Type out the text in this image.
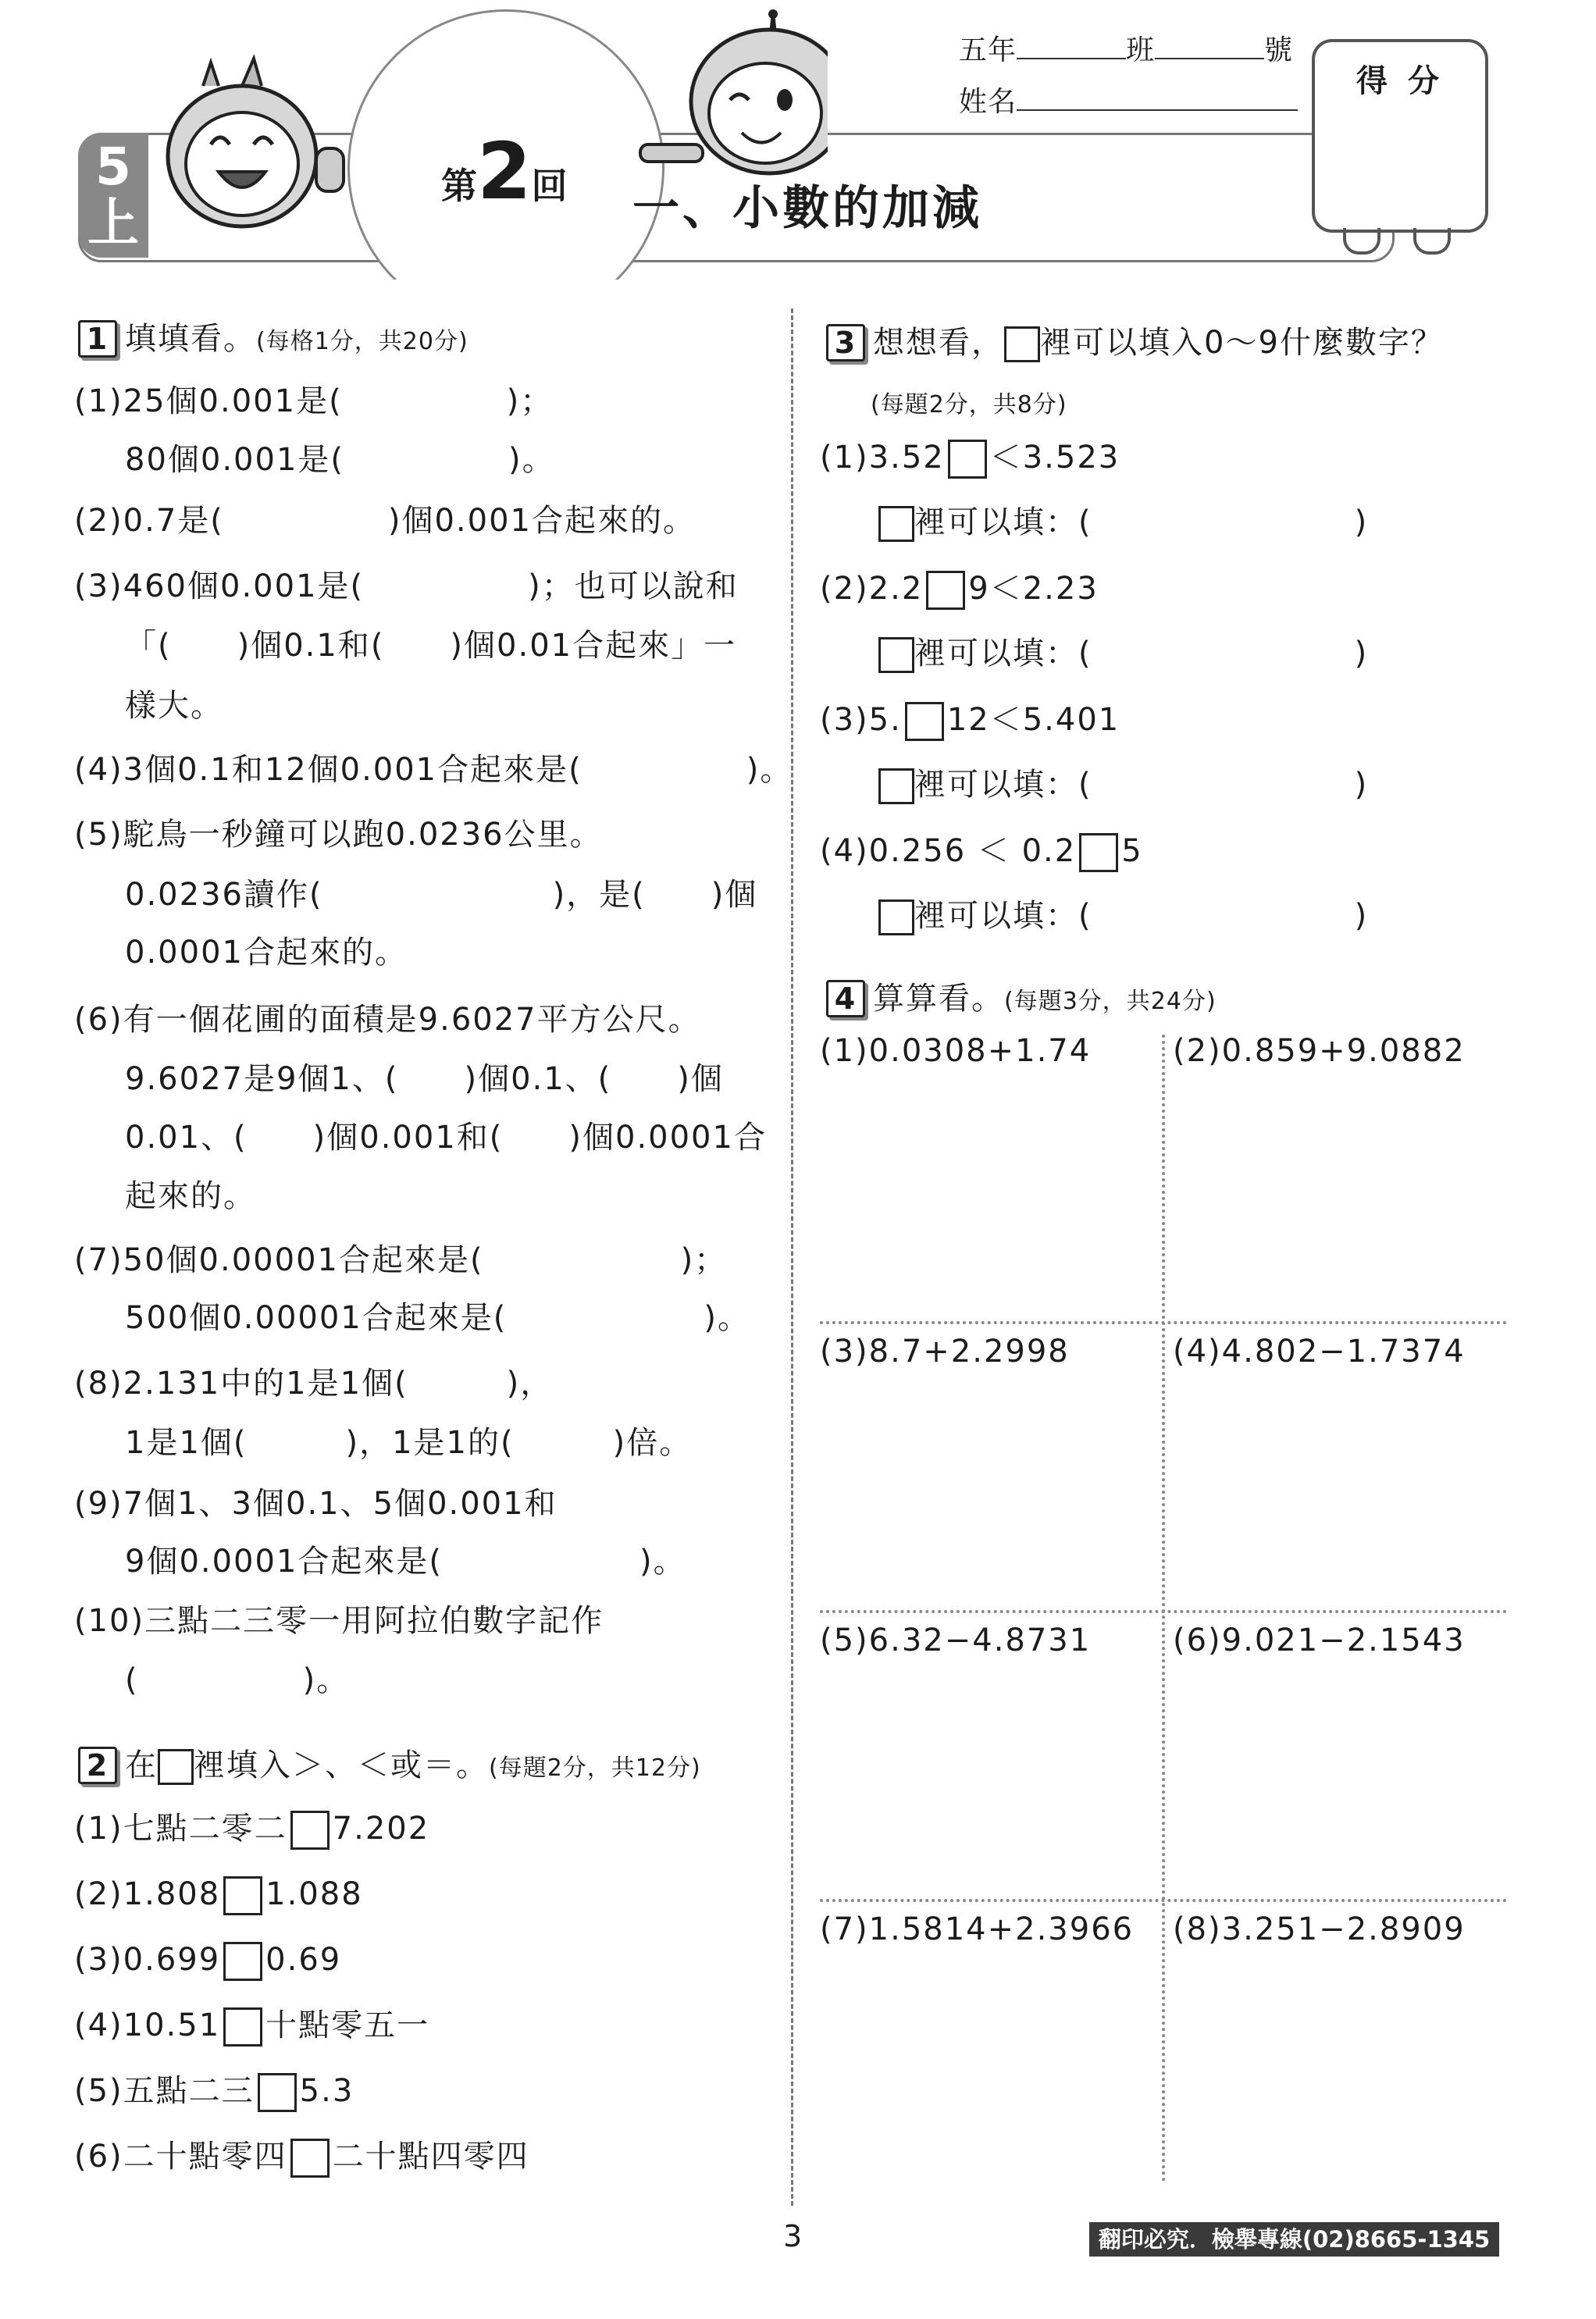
5
上
第2回 一、小數的加減
五年	班	號
姓名
得 分
1 填填看。(每格1分，共20分)
(1)25個0.001是(　　　　　)；
80個0.001是(　　　　　)。
(2)0.7是(　　　　　)個0.001合起來的。
(3)460個0.001是(　　　　　)；也可以說和
「(　　)個0.1和(　　)個0.01合起來」一
樣大。
(4)3個0.1和12個0.001合起來是(　　　　　)。
(5)駝鳥一秒鐘可以跑0.0236公里。
0.0236讀作(　　　　　　　)，是(　　)個
0.0001合起來的。
(6)有一個花圃的面積是9.6027平方公尺。
9.6027是9個1、(　　)個0.1、(　　)個
0.01、(　　)個0.001和(　　)個0.0001合
起來的。
(7)50個0.00001合起來是(　　　　　　)；
500個0.00001合起來是(　　　　　　)。
(8)2.131中的1是1個(　　　)，
1是1個(　　　)，1是1的(　　　)倍。
(9)7個1、3個0.1、5個0.001和
9個0.0001合起來是(　　　　　　)。
(10)三點二三零一用阿拉伯數字記作
(　　　　　)。
2 在 裡填入＞、＜或＝。(每題2分，共12分)
(1)七點二零二 7.202
(2)1.808 1.088
(3)0.699 0.69
(4)10.51 十點零五一
(5)五點二三 5.3
(6)二十點零四 二十點四零四
3 想想看， 裡可以填入0～9什麼數字？
(每題2分，共8分)
(1)3.52 ＜3.523
裡可以填：(　　　　　　　　)
(2)2.2 9＜2.23
裡可以填：(　　　　　　　　)
(3)5. 12＜5.401
裡可以填：(　　　　　　　　)
(4)0.256 ＜ 0.2 5
裡可以填：(　　　　　　　　)
4 算算看。(每題3分，共24分)
(1)0.0308+1.74	(2)0.859+9.0882
(3)8.7+2.2998	(4)4.802−1.7374
(5)6.32−4.8731	(6)9.021−2.1543
(7)1.5814+2.3966 (8)3.251−2.8909
3	翻印必究．檢舉專線(02)8665-1345
